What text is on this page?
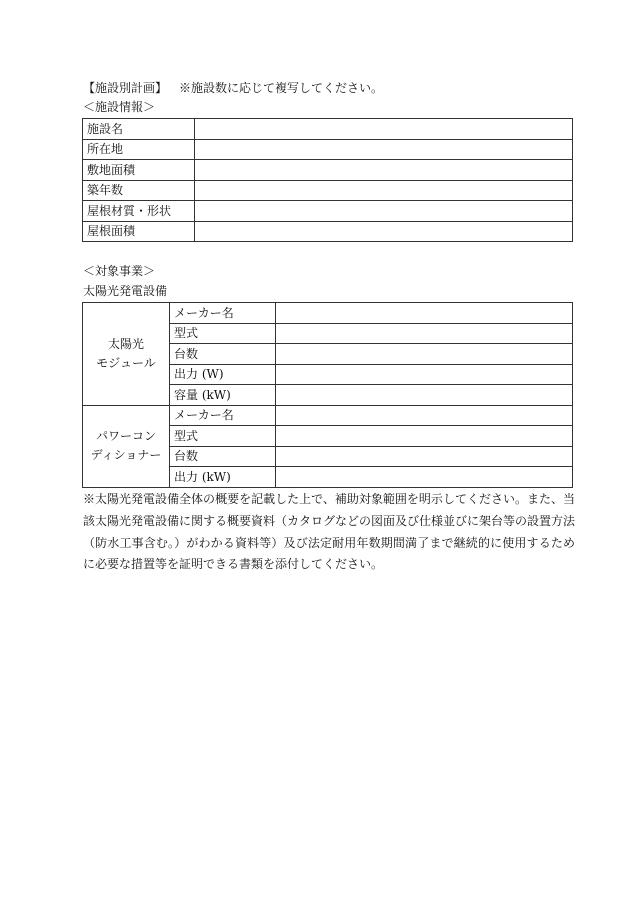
【施設別計画】 ※施設数に応じて複写してください。
＜施設情報＞
施設名	
所在地	
敷地面積	
築年数	
屋根材質・形状	
屋根面積	
＜対象事業＞
太陽光発電設備
太陽光
モジュール	メーカー名	
	型式	
	台数	
	出力 (W)	
	容量 (kW)	
パワーコン
ディショナー	メーカー名	
	型式	
	台数	
	出力 (kW)	
※太陽光発電設備全体の概要を記載した上で、補助対象範囲を明示してください。また、当該太陽光発電設備に関する概要資料（カタログなどの図面及び仕様並びに架台等の設置方法（防水工事含む。）がわかる資料等）及び法定耐用年数期間満了まで継続的に使用するために必要な措置等を証明できる書類を添付してください。
